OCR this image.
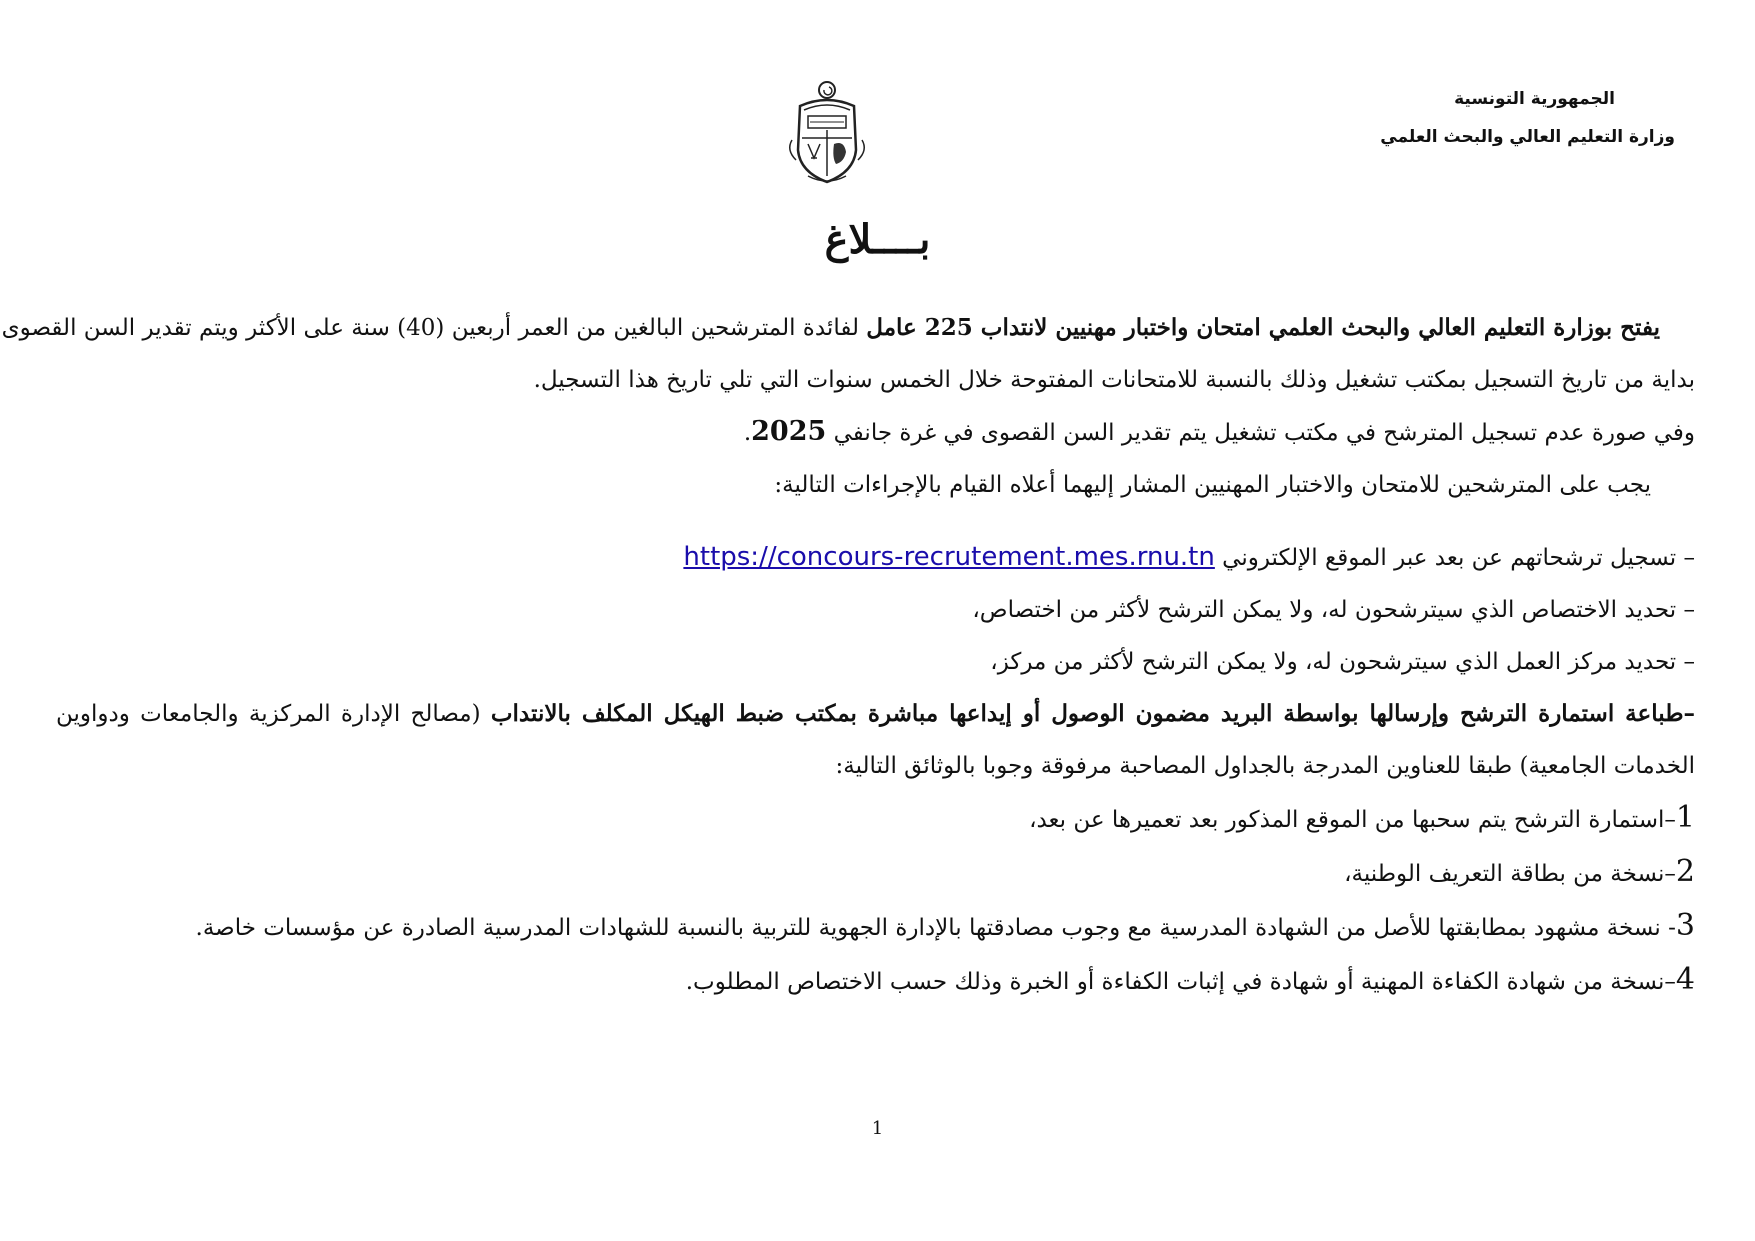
الجمهورية التونسية
وزارة التعليم العالي والبحث العلمي
بــــلاغ

يفتح بوزارة التعليم العالي والبحث العلمي امتحان واختبار مهنيين لانتداب 225 عامل لفائدة المترشحين البالغين من العمر أربعين (40) سنة على الأكثر ويتم تقدير السن القصوى

بداية من تاريخ التسجيل بمكتب تشغيل وذلك بالنسبة للامتحانات المفتوحة خلال الخمس سنوات التي تلي تاريخ هذا التسجيل.

وفي صورة عدم تسجيل المترشح في مكتب تشغيل يتم تقدير السن القصوى في غرة جانفي 2025.

يجب على المترشحين للامتحان والاختبار المهنيين المشار إليهما أعلاه القيام بالإجراءات التالية:

– تسجيل ترشحاتهم عن بعد عبر الموقع الإلكتروني https://concours-recrutement.mes.rnu.tn

– تحديد الاختصاص الذي سيترشحون له، ولا يمكن الترشح لأكثر من اختصاص،

– تحديد مركز العمل الذي سيترشحون له، ولا يمكن الترشح لأكثر من مركز،

–طباعة استمارة الترشح وإرسالها بواسطة البريد مضمون الوصول أو إيداعها مباشرة بمكتب ضبط الهيكل المكلف بالانتداب (مصالح الإدارة المركزية والجامعات ودواوين الخدمات الجامعية) طبقا للعناوين المدرجة بالجداول المصاحبة مرفوقة وجوبا بالوثائق التالية:

1–استمارة الترشح يتم سحبها من الموقع المذكور بعد تعميرها عن بعد،

2–نسخة من بطاقة التعريف الوطنية،

3- نسخة مشهود بمطابقتها للأصل من الشهادة المدرسية مع وجوب مصادقتها بالإدارة الجهوية للتربية بالنسبة للشهادات المدرسية الصادرة عن مؤسسات خاصة.

4–نسخة من شهادة الكفاءة المهنية أو شهادة في إثبات الكفاءة أو الخبرة وذلك حسب الاختصاص المطلوب.

1
